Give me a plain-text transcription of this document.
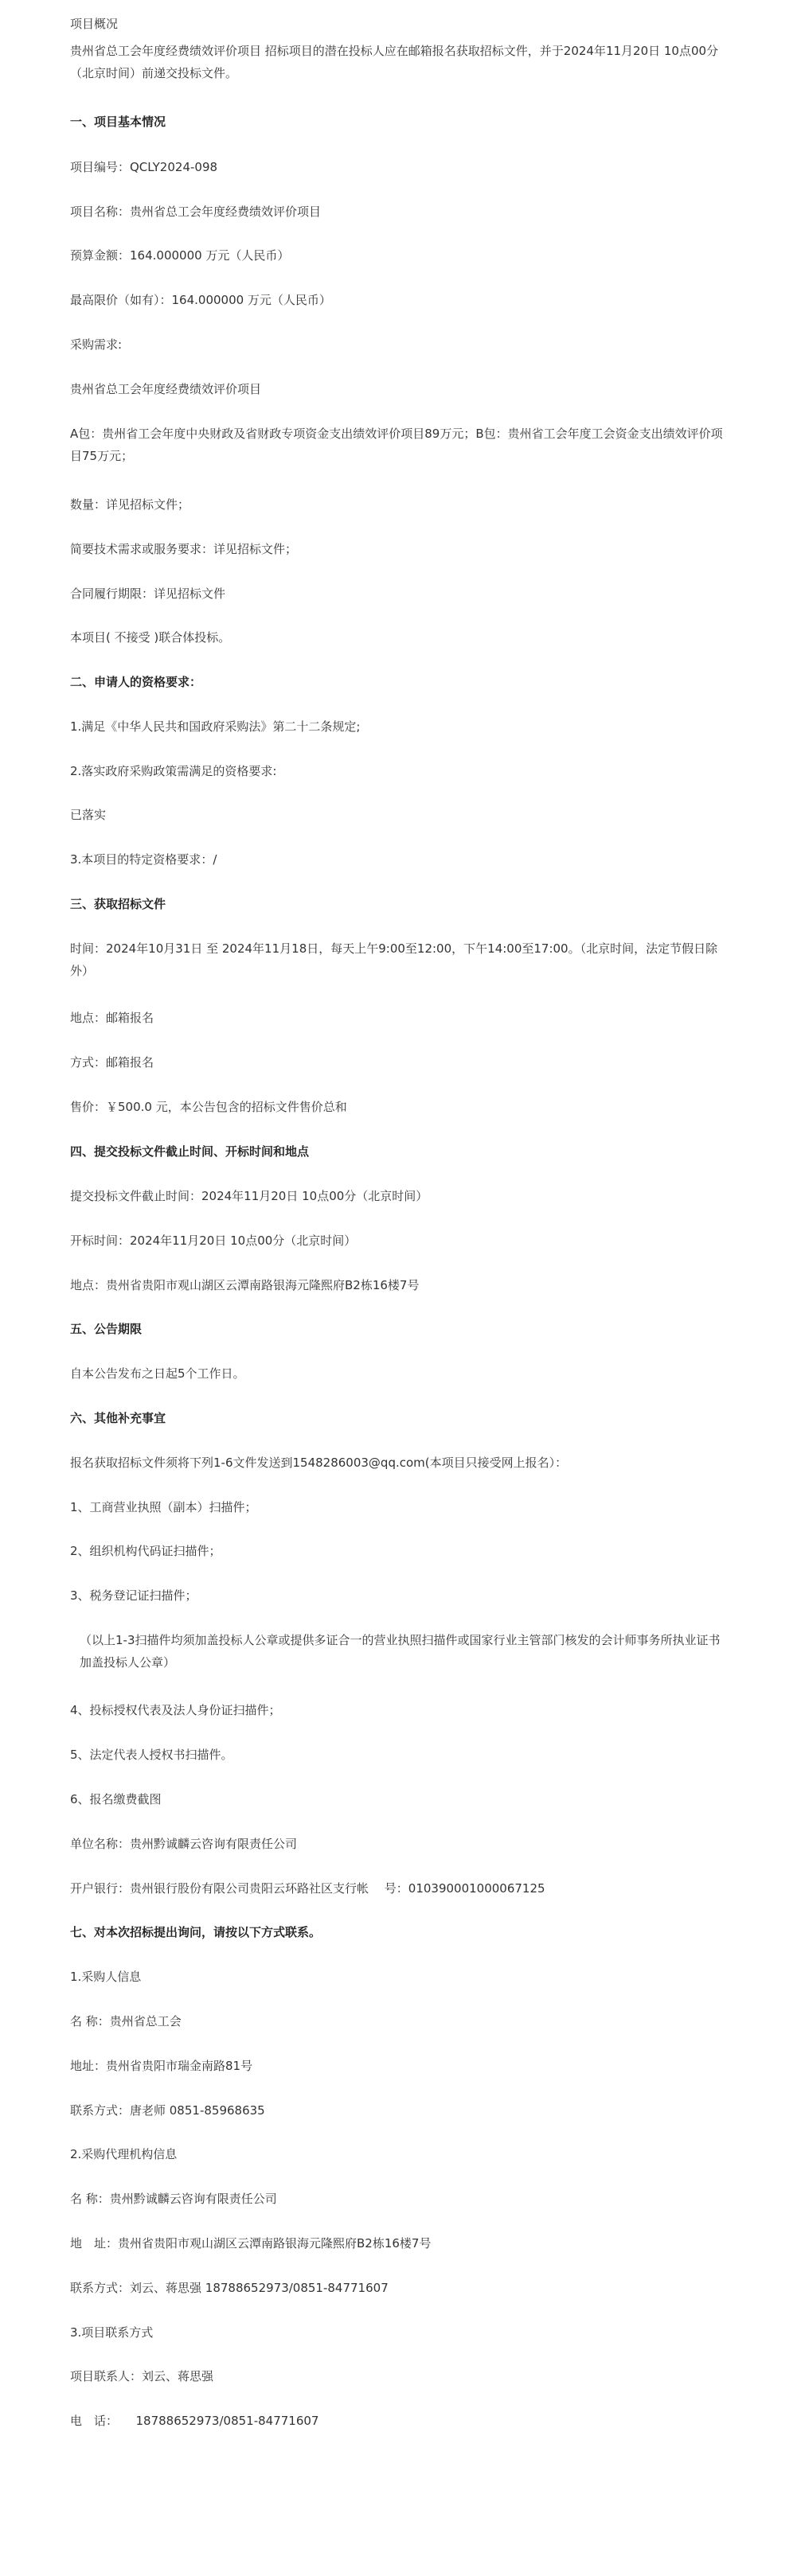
项目概况

贵州省总工会年度经费绩效评价项目 招标项目的潜在投标人应在邮箱报名获取招标文件，并于2024年11月20日 10点00分（北京时间）前递交投标文件。

一、项目基本情况

项目编号：QCLY2024-098

项目名称：贵州省总工会年度经费绩效评价项目

预算金额：164.000000 万元（人民币）

最高限价（如有）：164.000000 万元（人民币）

采购需求:

贵州省总工会年度经费绩效评价项目

A包：贵州省工会年度中央财政及省财政专项资金支出绩效评价项目89万元；B包：贵州省工会年度工会资金支出绩效评价项目75万元；

数量：详见招标文件；

简要技术需求或服务要求：详见招标文件；

合同履行期限：详见招标文件

本项目( 不接受 )联合体投标。

二、申请人的资格要求：

1.满足《中华人民共和国政府采购法》第二十二条规定;

2.落实政府采购政策需满足的资格要求:

已落实

3.本项目的特定资格要求：/

三、获取招标文件

时间：2024年10月31日 至 2024年11月18日，每天上午9:00至12:00，下午14:00至17:00。（北京时间，法定节假日除外）

地点：邮箱报名

方式：邮箱报名

售价：￥500.0 元，本公告包含的招标文件售价总和

四、提交投标文件截止时间、开标时间和地点

提交投标文件截止时间：2024年11月20日 10点00分（北京时间）

开标时间：2024年11月20日 10点00分（北京时间）

地点：贵州省贵阳市观山湖区云潭南路银海元隆熙府B2栋16楼7号

五、公告期限

自本公告发布之日起5个工作日。

六、其他补充事宜

报名获取招标文件须将下列1-6文件发送到1548286003@qq.com(本项目只接受网上报名）：

1、工商营业执照（副本）扫描件；

2、组织机构代码证扫描件；

3、税务登记证扫描件；

（以上1-3扫描件均须加盖投标人公章或提供多证合一的营业执照扫描件或国家行业主管部门核发的会计师事务所执业证书加盖投标人公章）

4、投标授权代表及法人身份证扫描件；

5、法定代表人授权书扫描件。

6、报名缴费截图

单位名称：贵州黔诚麟云咨询有限责任公司

开户银行：贵州银行股份有限公司贵阳云环路社区支行帐　 号：010390001000067125

七、对本次招标提出询问，请按以下方式联系。

1.采购人信息

名 称：贵州省总工会

地址：贵州省贵阳市瑞金南路81号

联系方式：唐老师 0851-85968635

2.采购代理机构信息

名 称：贵州黔诚麟云咨询有限责任公司

地　址：贵州省贵阳市观山湖区云潭南路银海元隆熙府B2栋16楼7号

联系方式：刘云、蒋思强 18788652973/0851-84771607

3.项目联系方式

项目联系人：刘云、蒋思强

电　话：　　18788652973/0851-84771607
